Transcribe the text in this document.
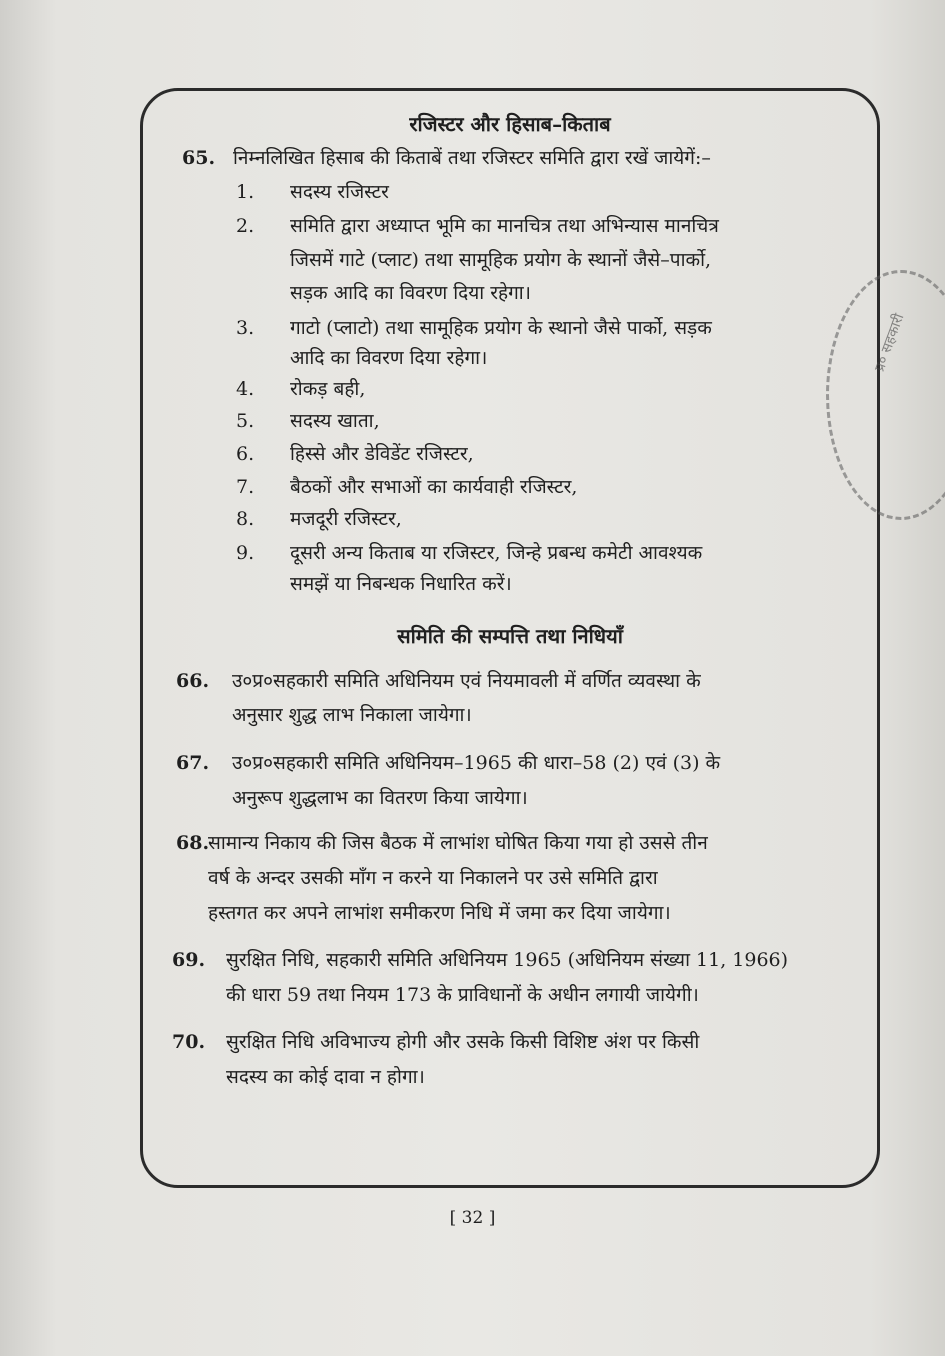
प्र० सहकारी
रजिस्टर और हिसाब–किताब
65. निम्नलिखित हिसाब की किताबें तथा रजिस्टर समिति द्वारा रखें जायेगें:–
1. सदस्य रजिस्टर
2. समिति द्वारा अध्याप्त भूमि का मानचित्र तथा अभिन्यास मानचित्र
जिसमें गाटे (प्लाट) तथा सामूहिक प्रयोग के स्थानों जैसे–पार्को,
सड़क आदि का विवरण दिया रहेगा।
3. गाटो (प्लाटो) तथा सामूहिक प्रयोग के स्थानो जैसे पार्को, सड़क
आदि का विवरण दिया रहेगा।
4. रोकड़ बही,
5. सदस्य खाता,
6. हिस्से और डेविडेंट रजिस्टर,
7. बैठकों और सभाओं का कार्यवाही रजिस्टर,
8. मजदूरी रजिस्टर,
9. दूसरी अन्य किताब या रजिस्टर, जिन्हे प्रबन्ध कमेटी आवश्यक
समझें या निबन्धक निधारित करें।
समिति की सम्पत्ति तथा निधियाँ
66. उ०प्र०सहकारी समिति अधिनियम एवं नियमावली में वर्णित व्यवस्था के
अनुसार शुद्ध लाभ निकाला जायेगा।
67. उ०प्र०सहकारी समिति अधिनियम–1965 की धारा–58 (2) एवं (3) के
अनुरूप शुद्धलाभ का वितरण किया जायेगा।
68.
सामान्य निकाय की जिस बैठक में लाभांश घोषित किया गया हो उससे तीन
वर्ष के अन्दर उसकी माँग न करने या निकालने पर उसे समिति द्वारा
हस्तगत कर अपने लाभांश समीकरण निधि में जमा कर दिया जायेगा।
69. सुरक्षित निधि, सहकारी समिति अधिनियम 1965 (अधिनियम संख्या 11, 1966)
की धारा 59 तथा नियम 173 के प्राविधानों के अधीन लगायी जायेगी।
70. सुरक्षित निधि अविभाज्य होगी और उसके किसी विशिष्ट अंश पर किसी
सदस्य का कोई दावा न होगा।
[ 32 ]
